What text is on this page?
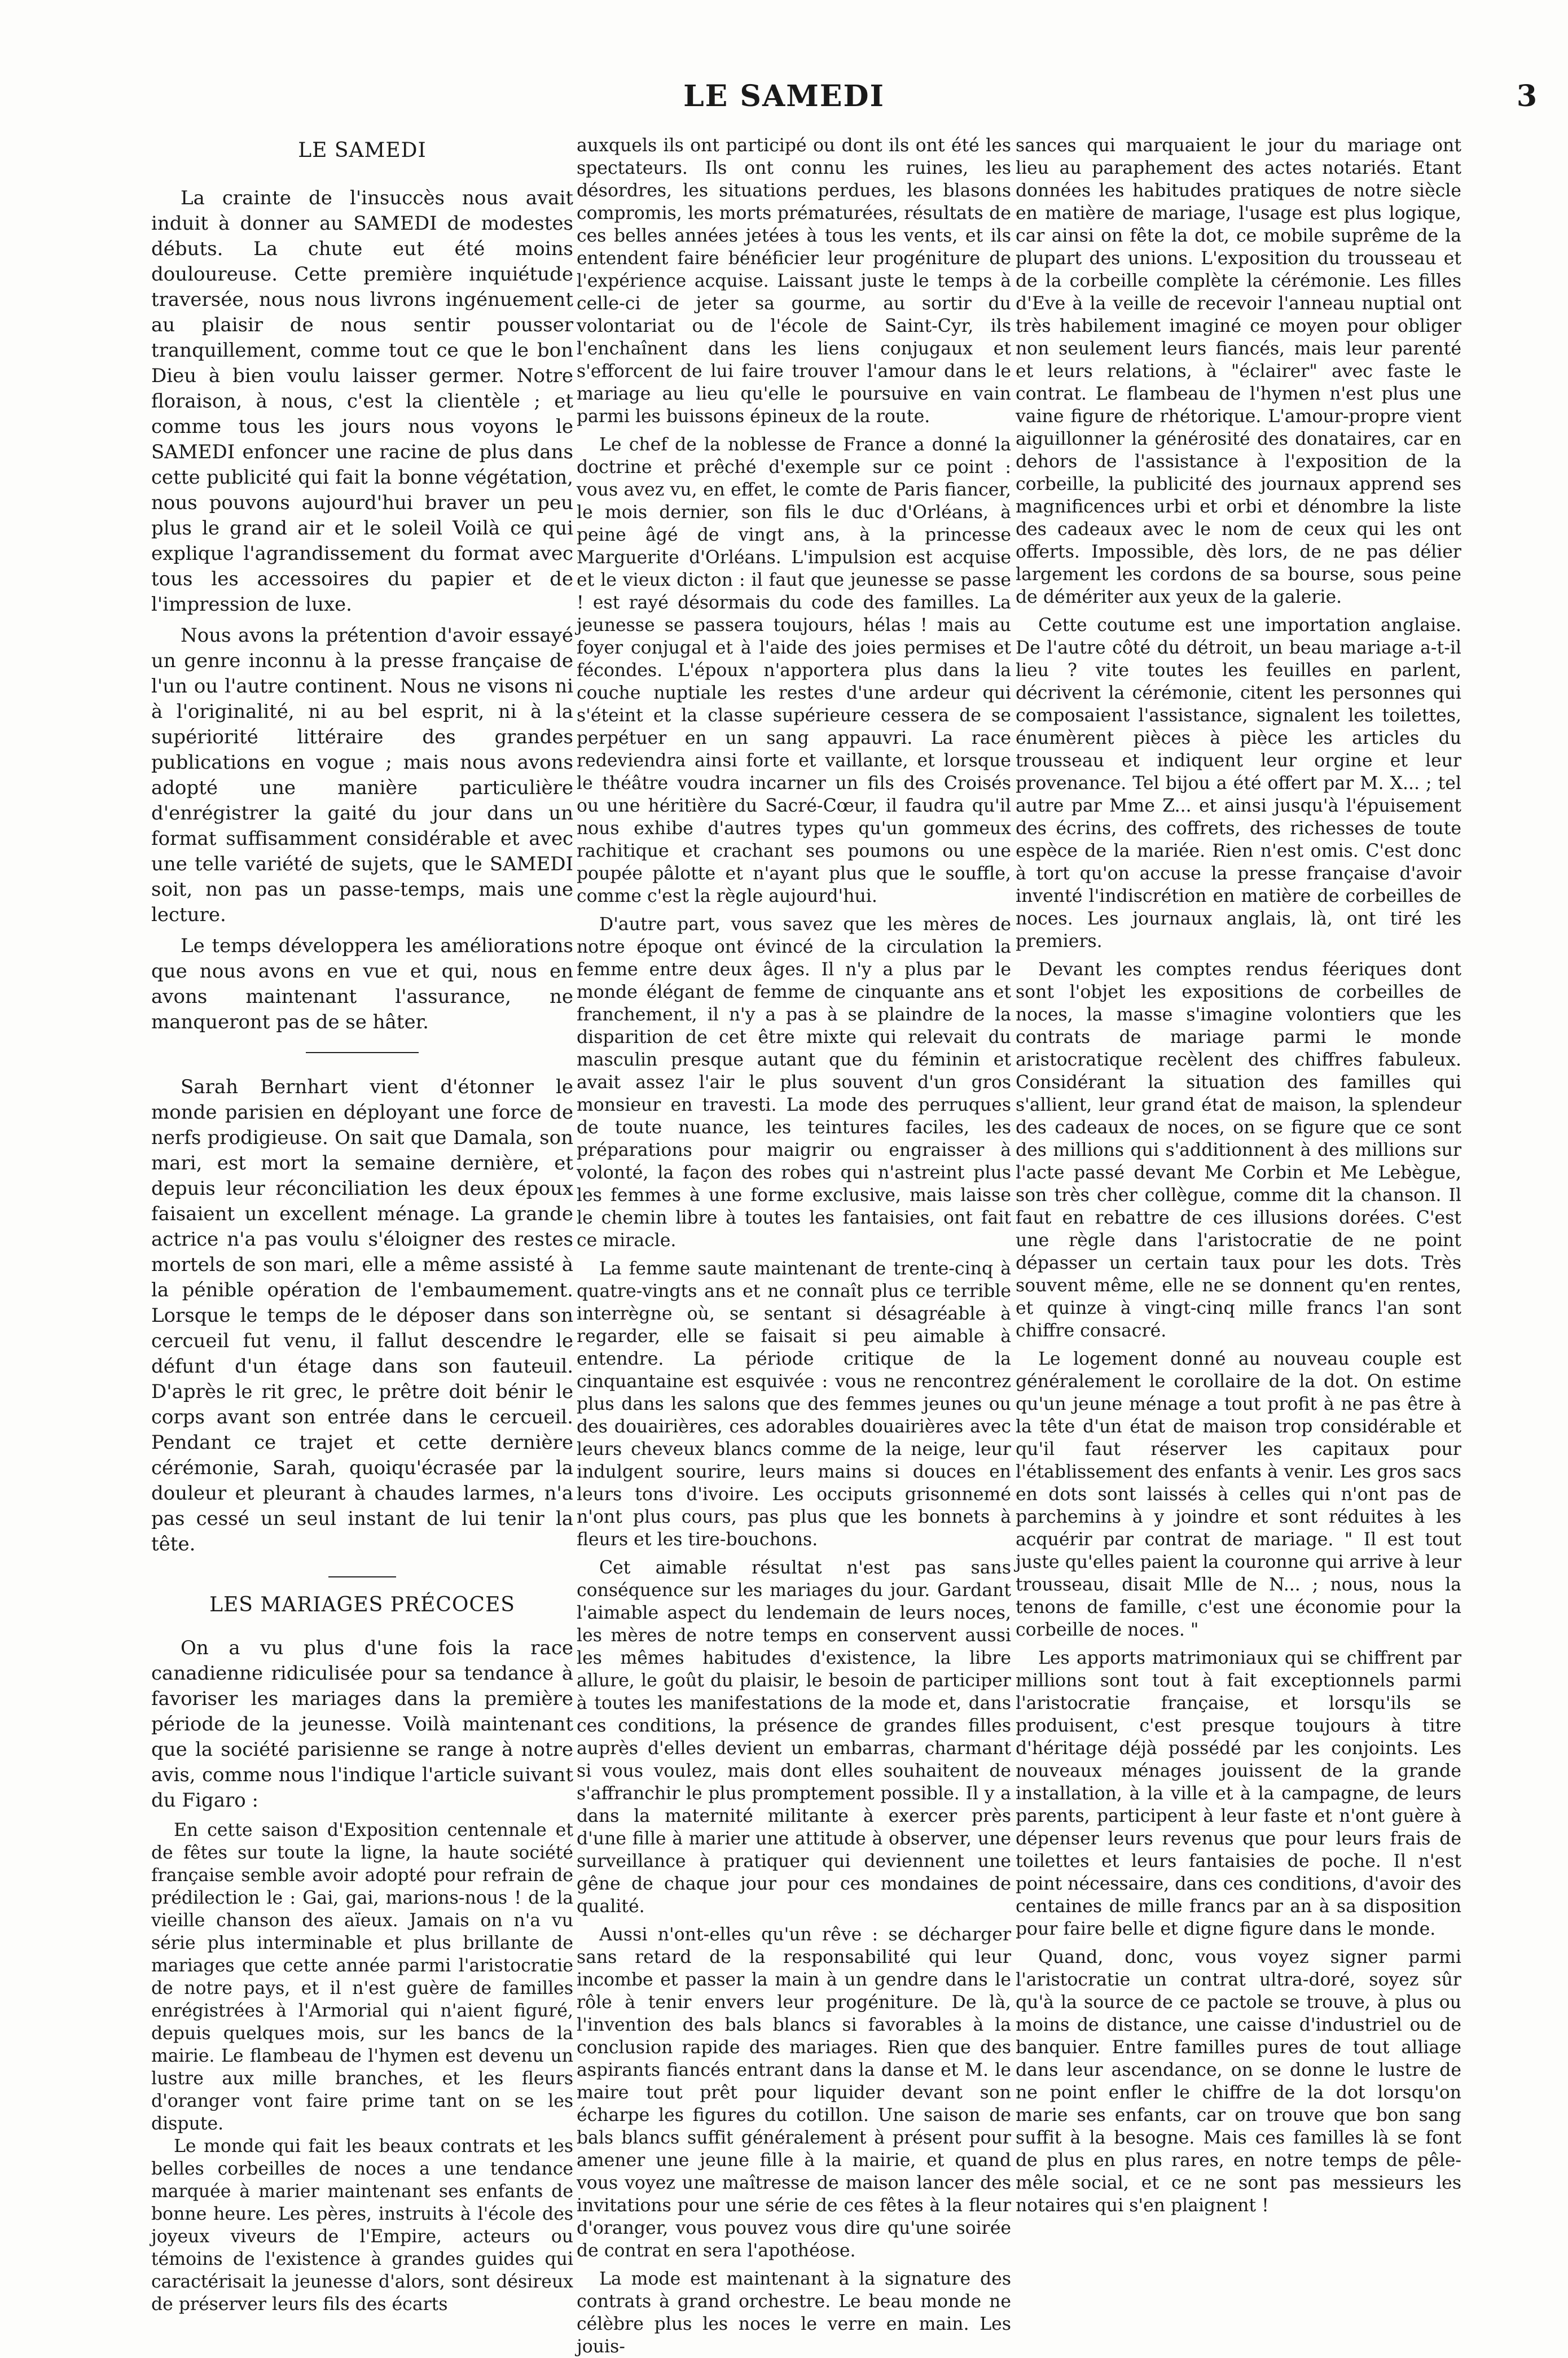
LE SAMEDI	3
LE SAMEDI

La crainte de l'insuccès nous avait induit à donner au SAMEDI de modestes débuts. La chute eut été moins douloureuse. Cette première inquiétude traversée, nous nous livrons ingénuement au plaisir de nous sentir pousser tranquillement, comme tout ce que le bon Dieu à bien voulu laisser germer. Notre floraison, à nous, c'est la clientèle ; et comme tous les jours nous voyons le SAMEDI enfoncer une racine de plus dans cette publicité qui fait la bonne végétation, nous pouvons aujourd'hui braver un peu plus le grand air et le soleil Voilà ce qui explique l'agrandissement du format avec tous les accessoires du papier et de l'impression de luxe.

Nous avons la prétention d'avoir essayé un genre inconnu à la presse française de l'un ou l'autre continent. Nous ne visons ni à l'originalité, ni au bel esprit, ni à la supériorité littéraire des grandes publications en vogue ; mais nous avons adopté une manière particulière d'enrégistrer la gaité du jour dans un format suffisamment considérable et avec une telle variété de sujets, que le SAMEDI soit, non pas un passe-temps, mais une lecture.

Le temps développera les améliorations que nous avons en vue et qui, nous en avons maintenant l'assurance, ne manqueront pas de se hâter.

Sarah Bernhart vient d'étonner le monde parisien en déployant une force de nerfs prodigieuse. On sait que Damala, son mari, est mort la semaine dernière, et depuis leur réconciliation les deux époux faisaient un excellent ménage. La grande actrice n'a pas voulu s'éloigner des restes mortels de son mari, elle a même assisté à la pénible opération de l'embaumement. Lorsque le temps de le déposer dans son cercueil fut venu, il fallut descendre le défunt d'un étage dans son fauteuil. D'après le rit grec, le prêtre doit bénir le corps avant son entrée dans le cercueil. Pendant ce trajet et cette dernière cérémonie, Sarah, quoiqu'écrasée par la douleur et pleurant à chaudes larmes, n'a pas cessé un seul instant de lui tenir la tête.

LES MARIAGES PRÉCOCES

On a vu plus d'une fois la race canadienne ridiculisée pour sa tendance à favoriser les mariages dans la première période de la jeunesse. Voilà maintenant que la société parisienne se range à notre avis, comme nous l'indique l'article suivant du Figaro :

En cette saison d'Exposition centennale et de fêtes sur toute la ligne, la haute société française semble avoir adopté pour refrain de prédilection le : Gai, gai, marions-nous ! de la vieille chanson des aïeux. Jamais on n'a vu série plus interminable et plus brillante de mariages que cette année parmi l'aristocratie de notre pays, et il n'est guère de familles enrégistrées à l'Armorial qui n'aient figuré, depuis quelques mois, sur les bancs de la mairie. Le flambeau de l'hymen est devenu un lustre aux mille branches, et les fleurs d'oranger vont faire prime tant on se les dispute.

Le monde qui fait les beaux contrats et les belles corbeilles de noces a une tendance marquée à marier maintenant ses enfants de bonne heure. Les pères, instruits à l'école des joyeux viveurs de l'Empire, acteurs ou témoins de l'existence à grandes guides qui caractérisait la jeunesse d'alors, sont désireux de préserver leurs fils des écarts

auxquels ils ont participé ou dont ils ont été les spectateurs. Ils ont connu les ruines, les désordres, les situations perdues, les blasons compromis, les morts prématurées, résultats de ces belles années jetées à tous les vents, et ils entendent faire bénéficier leur progéniture de l'expérience acquise. Laissant juste le temps à celle-ci de jeter sa gourme, au sortir du volontariat ou de l'école de Saint-Cyr, ils l'enchaînent dans les liens conjugaux et s'efforcent de lui faire trouver l'amour dans le mariage au lieu qu'elle le poursuive en vain parmi les buissons épineux de la route.

Le chef de la noblesse de France a donné la doctrine et prêché d'exemple sur ce point : vous avez vu, en effet, le comte de Paris fiancer, le mois dernier, son fils le duc d'Orléans, à peine âgé de vingt ans, à la princesse Marguerite d'Orléans. L'impulsion est acquise et le vieux dicton : il faut que jeunesse se passe ! est rayé désormais du code des familles. La jeunesse se passera toujours, hélas ! mais au foyer conjugal et à l'aide des joies permises et fécondes. L'époux n'apportera plus dans la couche nuptiale les restes d'une ardeur qui s'éteint et la classe supérieure cessera de se perpétuer en un sang appauvri. La race redeviendra ainsi forte et vaillante, et lorsque le théâtre voudra incarner un fils des Croisés ou une héritière du Sacré-Cœur, il faudra qu'il nous exhibe d'autres types qu'un gommeux rachitique et crachant ses poumons ou une poupée pâlotte et n'ayant plus que le souffle, comme c'est la règle aujourd'hui.

D'autre part, vous savez que les mères de notre époque ont évincé de la circulation la femme entre deux âges. Il n'y a plus par le monde élégant de femme de cinquante ans et franchement, il n'y a pas à se plaindre de la disparition de cet être mixte qui relevait du masculin presque autant que du féminin et avait assez l'air le plus souvent d'un gros monsieur en travesti. La mode des perruques de toute nuance, les teintures faciles, les préparations pour maigrir ou engraisser à volonté, la façon des robes qui n'astreint plus les femmes à une forme exclusive, mais laisse le chemin libre à toutes les fantaisies, ont fait ce miracle.

La femme saute maintenant de trente-cinq à quatre-vingts ans et ne connaît plus ce terrible interrègne où, se sentant si désagréable à regarder, elle se faisait si peu aimable à entendre. La période critique de la cinquantaine est esquivée : vous ne rencontrez plus dans les salons que des femmes jeunes ou des douairières, ces adorables douairières avec leurs cheveux blancs comme de la neige, leur indulgent sourire, leurs mains si douces en leurs tons d'ivoire. Les occiputs grisonnemé n'ont plus cours, pas plus que les bonnets à fleurs et les tire-bouchons.

Cet aimable résultat n'est pas sans conséquence sur les mariages du jour. Gardant l'aimable aspect du lendemain de leurs noces, les mères de notre temps en conservent aussi les mêmes habitudes d'existence, la libre allure, le goût du plaisir, le besoin de participer à toutes les manifestations de la mode et, dans ces conditions, la présence de grandes filles auprès d'elles devient un embarras, charmant si vous voulez, mais dont elles souhaitent de s'affranchir le plus promptement possible. Il y a dans la maternité militante à exercer près d'une fille à marier une attitude à observer, une surveillance à pratiquer qui deviennent une gêne de chaque jour pour ces mondaines de qualité.

Aussi n'ont-elles qu'un rêve : se décharger sans retard de la responsabilité qui leur incombe et passer la main à un gendre dans le rôle à tenir envers leur progéniture. De là, l'invention des bals blancs si favorables à la conclusion rapide des mariages. Rien que des aspirants fiancés entrant dans la danse et M. le maire tout prêt pour liquider devant son écharpe les figures du cotillon. Une saison de bals blancs suffit généralement à présent pour amener une jeune fille à la mairie, et quand vous voyez une maîtresse de maison lancer des invitations pour une série de ces fêtes à la fleur d'oranger, vous pouvez vous dire qu'une soirée de contrat en sera l'apothéose.

La mode est maintenant à la signature des contrats à grand orchestre. Le beau monde ne célèbre plus les noces le verre en main. Les jouis-

sances qui marquaient le jour du mariage ont lieu au paraphement des actes notariés. Etant données les habitudes pratiques de notre siècle en matière de mariage, l'usage est plus logique, car ainsi on fête la dot, ce mobile suprême de la plupart des unions. L'exposition du trousseau et de la corbeille complète la cérémonie. Les filles d'Eve à la veille de recevoir l'anneau nuptial ont très habilement imaginé ce moyen pour obliger non seulement leurs fiancés, mais leur parenté et leurs relations, à "éclairer" avec faste le contrat. Le flambeau de l'hymen n'est plus une vaine figure de rhétorique. L'amour-propre vient aiguillonner la générosité des donataires, car en dehors de l'assistance à l'exposition de la corbeille, la publicité des journaux apprend ses magnificences urbi et orbi et dénombre la liste des cadeaux avec le nom de ceux qui les ont offerts. Impossible, dès lors, de ne pas délier largement les cordons de sa bourse, sous peine de démériter aux yeux de la galerie.

Cette coutume est une importation anglaise. De l'autre côté du détroit, un beau mariage a-t-il lieu ? vite toutes les feuilles en parlent, décrivent la cérémonie, citent les personnes qui composaient l'assistance, signalent les toilettes, énumèrent pièces à pièce les articles du trousseau et indiquent leur orgine et leur provenance. Tel bijou a été offert par M. X... ; tel autre par Mme Z... et ainsi jusqu'à l'épuisement des écrins, des coffrets, des richesses de toute espèce de la mariée. Rien n'est omis. C'est donc à tort qu'on accuse la presse française d'avoir inventé l'indiscrétion en matière de corbeilles de noces. Les journaux anglais, là, ont tiré les premiers.

Devant les comptes rendus féeriques dont sont l'objet les expositions de corbeilles de noces, la masse s'imagine volontiers que les contrats de mariage parmi le monde aristocratique recèlent des chiffres fabuleux. Considérant la situation des familles qui s'allient, leur grand état de maison, la splendeur des cadeaux de noces, on se figure que ce sont des millions qui s'additionnent à des millions sur l'acte passé devant Me Corbin et Me Lebègue, son très cher collègue, comme dit la chanson. Il faut en rebattre de ces illusions dorées. C'est une règle dans l'aristocratie de ne point dépasser un certain taux pour les dots. Très souvent même, elle ne se donnent qu'en rentes, et quinze à vingt-cinq mille francs l'an sont chiffre consacré.

Le logement donné au nouveau couple est généralement le corollaire de la dot. On estime qu'un jeune ménage a tout profit à ne pas être à la tête d'un état de maison trop considérable et qu'il faut réserver les capitaux pour l'établissement des enfants à venir. Les gros sacs en dots sont laissés à celles qui n'ont pas de parchemins à y joindre et sont réduites à les acquérir par contrat de mariage. " Il est tout juste qu'elles paient la couronne qui arrive à leur trousseau, disait Mlle de N... ; nous, nous la tenons de famille, c'est une économie pour la corbeille de noces. "

Les apports matrimoniaux qui se chiffrent par millions sont tout à fait exceptionnels parmi l'aristocratie française, et lorsqu'ils se produisent, c'est presque toujours à titre d'héritage déjà possédé par les conjoints. Les nouveaux ménages jouissent de la grande installation, à la ville et à la campagne, de leurs parents, participent à leur faste et n'ont guère à dépenser leurs revenus que pour leurs frais de toilettes et leurs fantaisies de poche. Il n'est point nécessaire, dans ces conditions, d'avoir des centaines de mille francs par an à sa disposition pour faire belle et digne figure dans le monde.

Quand, donc, vous voyez signer parmi l'aristocratie un contrat ultra-doré, soyez sûr qu'à la source de ce pactole se trouve, à plus ou moins de distance, une caisse d'industriel ou de banquier. Entre familles pures de tout alliage dans leur ascendance, on se donne le lustre de ne point enfler le chiffre de la dot lorsqu'on marie ses enfants, car on trouve que bon sang suffit à la besogne. Mais ces familles là se font de plus en plus rares, en notre temps de pêle-mêle social, et ce ne sont pas messieurs les notaires qui s'en plaignent !
